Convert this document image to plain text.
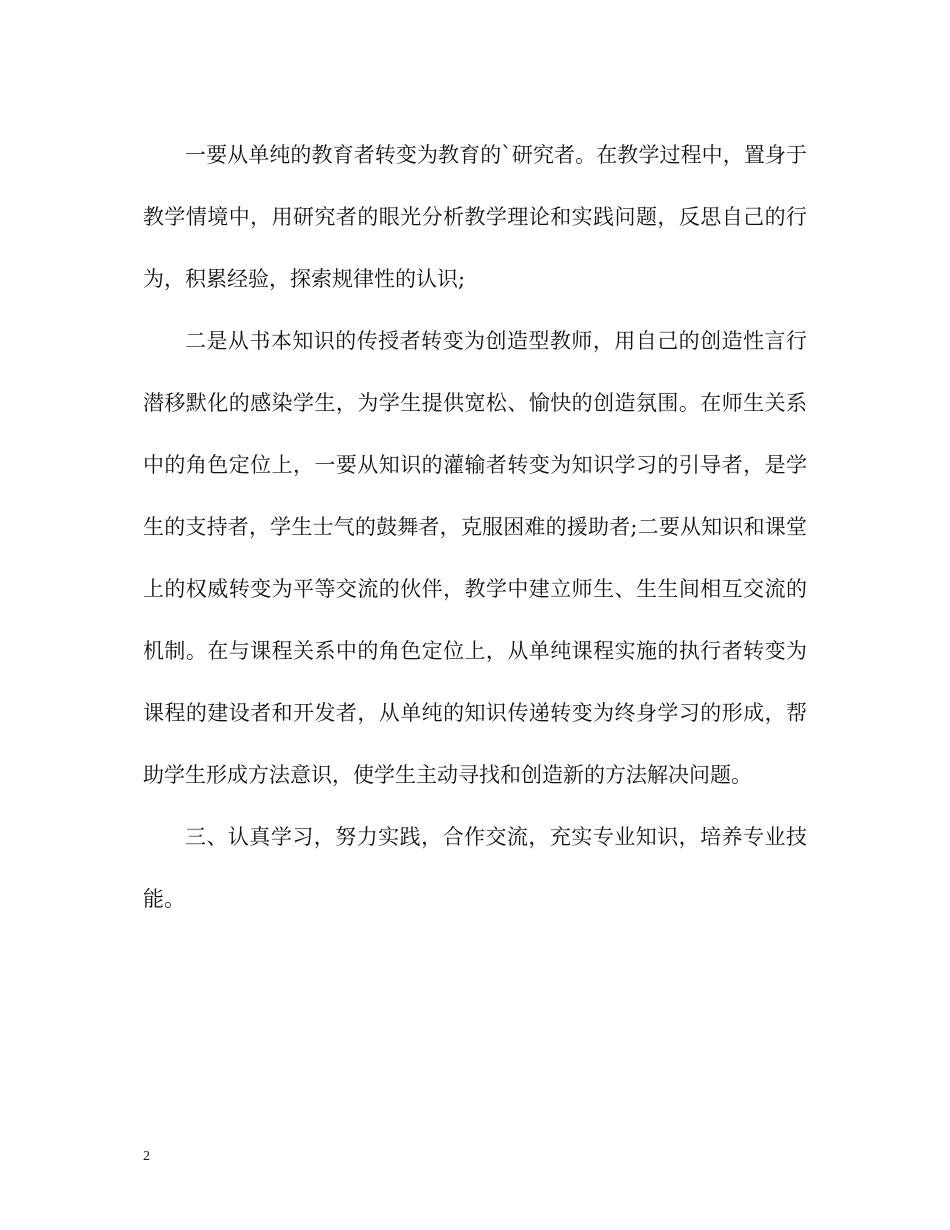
一要从单纯的教育者转变为教育的`研究者。在教学过程中，置身于教学情境中，用研究者的眼光分析教学理论和实践问题，反思自己的行为，积累经验，探索规律性的认识;

二是从书本知识的传授者转变为创造型教师，用自己的创造性言行潜移默化的感染学生，为学生提供宽松、愉快的创造氛围。在师生关系中的角色定位上，一要从知识的灌输者转变为知识学习的引导者，是学生的支持者，学生士气的鼓舞者，克服困难的援助者;二要从知识和课堂上的权威转变为平等交流的伙伴，教学中建立师生、生生间相互交流的机制。在与课程关系中的角色定位上，从单纯课程实施的执行者转变为课程的建设者和开发者，从单纯的知识传递转变为终身学习的形成，帮助学生形成方法意识，使学生主动寻找和创造新的方法解决问题。

三、认真学习，努力实践，合作交流，充实专业知识，培养专业技能。

2
